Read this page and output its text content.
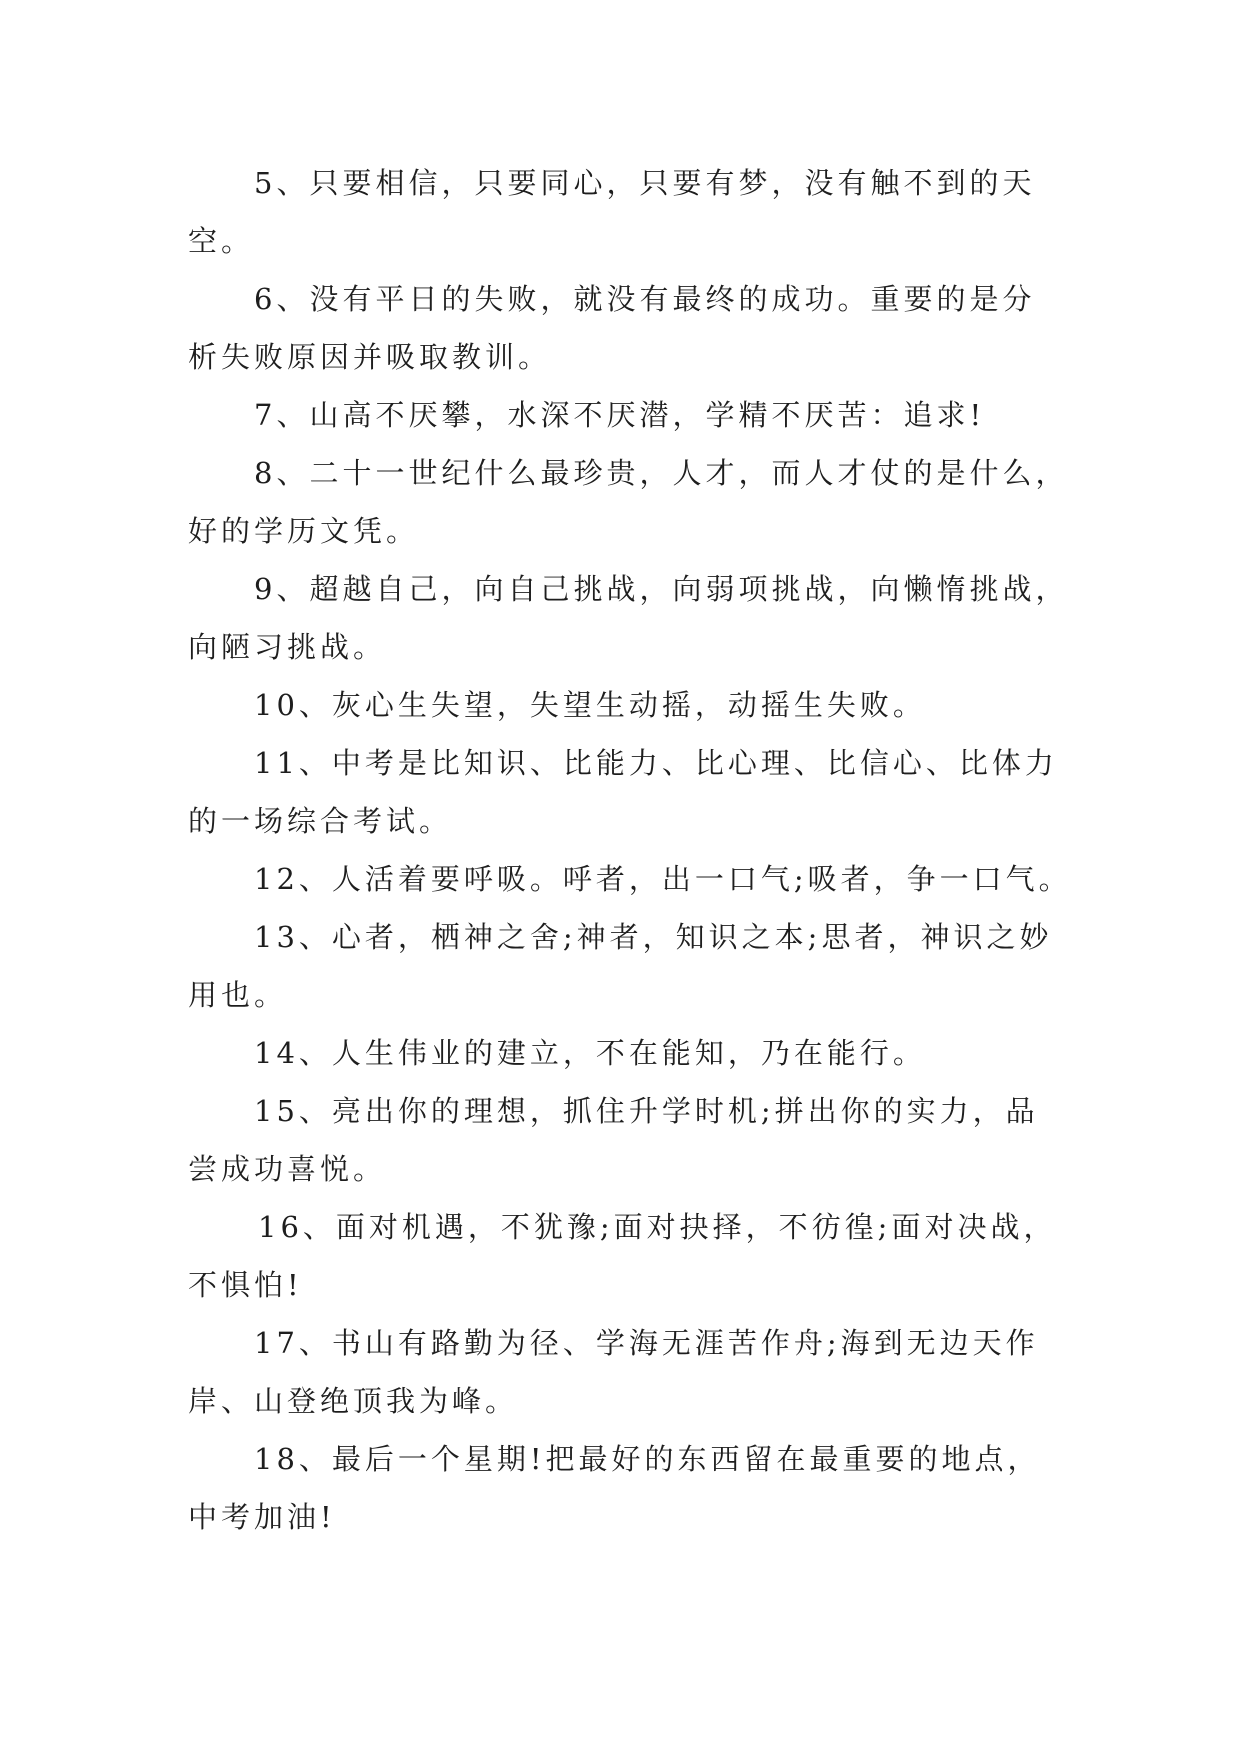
5、只要相信，只要同心，只要有梦，没有触不到的天
空。
6、没有平日的失败，就没有最终的成功。重要的是分
析失败原因并吸取教训。
7、山高不厌攀，水深不厌潜，学精不厌苦：追求!
8、二十一世纪什么最珍贵，人才，而人才仗的是什么，
好的学历文凭。
9、超越自己，向自己挑战，向弱项挑战，向懒惰挑战，
向陋习挑战。
10、灰心生失望，失望生动摇，动摇生失败。
11、中考是比知识、比能力、比心理、比信心、比体力
的一场综合考试。
12、人活着要呼吸。呼者，出一口气;吸者，争一口气。
13、心者，栖神之舍;神者，知识之本;思者，神识之妙
用也。
14、人生伟业的建立，不在能知，乃在能行。
15、亮出你的理想，抓住升学时机;拼出你的实力，品
尝成功喜悦。
16、面对机遇，不犹豫;面对抉择，不彷徨;面对决战，
不惧怕!
17、书山有路勤为径、学海无涯苦作舟;海到无边天作
岸、山登绝顶我为峰。
18、最后一个星期!把最好的东西留在最重要的地点，
中考加油!
